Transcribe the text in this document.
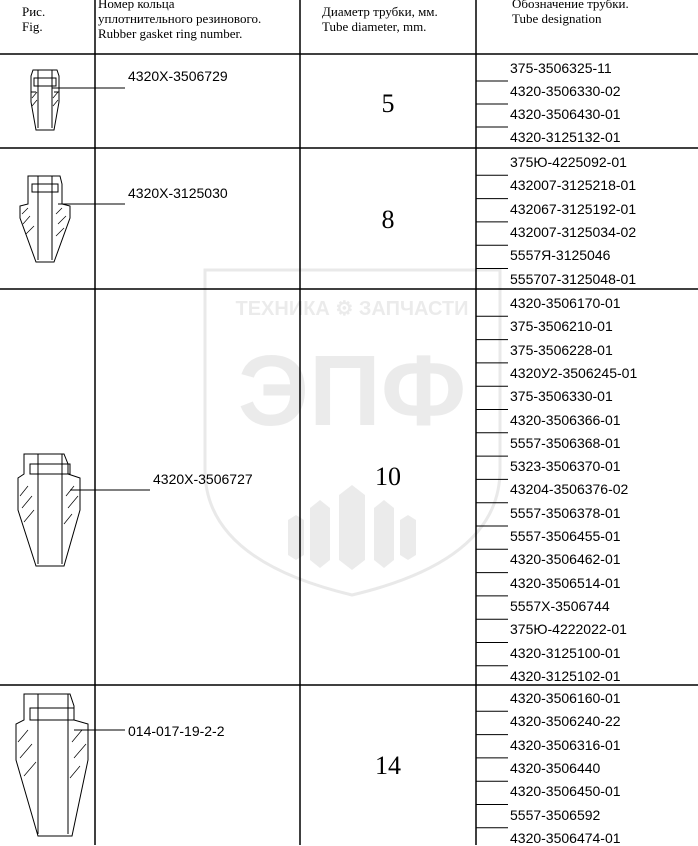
ТЕХНИКА ⚙ ЗАПЧАСТИ
ЭПФ
Рис.
Fig.
Номер кольца
уплотнительного резинового.
Rubber gasket ring number.
Диаметр трубки, мм.
Tube diameter, mm.
Обозначение трубки.
Tube designation
4320Х-3506729
4320Х-3125030
4320Х-3506727
014-017-19-2-2
5
8
10
14
375-3506325-11
4320-3506330-02
4320-3506430-01
4320-3125132-01
375Ю-4225092-01
432007-3125218-01
432067-3125192-01
432007-3125034-02
5557Я-3125046
555707-3125048-01
4320-3506170-01
375-3506210-01
375-3506228-01
4320У2-3506245-01
375-3506330-01
4320-3506366-01
5557-3506368-01
5323-3506370-01
43204-3506376-02
5557-3506378-01
5557-3506455-01
4320-3506462-01
4320-3506514-01
5557Х-3506744
375Ю-4222022-01
4320-3125100-01
4320-3125102-01
4320-3506160-01
4320-3506240-22
4320-3506316-01
4320-3506440
4320-3506450-01
5557-3506592
4320-3506474-01
